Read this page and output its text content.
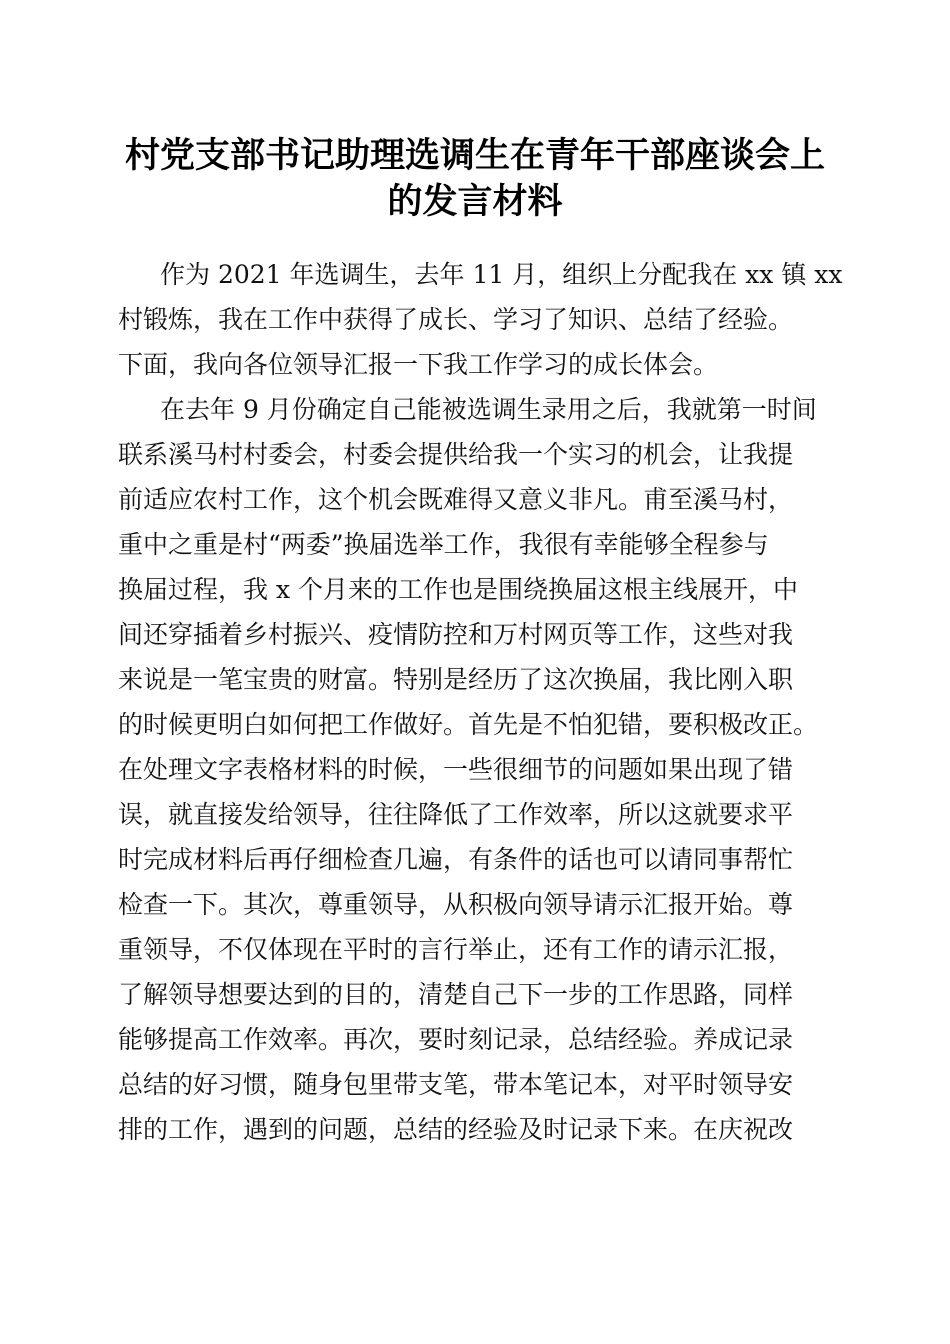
村党支部书记助理选调生在青年干部座谈会上
的发言材料

作为 2021 年选调生，去年 11 月，组织上分配我在 xx 镇 xx
村锻炼，我在工作中获得了成长、学习了知识、总结了经验。
下面，我向各位领导汇报一下我工作学习的成长体会。

在去年 9 月份确定自己能被选调生录用之后，我就第一时间
联系溪马村村委会，村委会提供给我一个实习的机会，让我提
前适应农村工作，这个机会既难得又意义非凡。甫至溪马村，
重中之重是村“两委”换届选举工作，我很有幸能够全程参与
换届过程，我 x 个月来的工作也是围绕换届这根主线展开，中
间还穿插着乡村振兴、疫情防控和万村网页等工作，这些对我
来说是一笔宝贵的财富。特别是经历了这次换届，我比刚入职
的时候更明白如何把工作做好。首先是不怕犯错，要积极改正。
在处理文字表格材料的时候，一些很细节的问题如果出现了错
误，就直接发给领导，往往降低了工作效率，所以这就要求平
时完成材料后再仔细检查几遍，有条件的话也可以请同事帮忙
检查一下。其次，尊重领导，从积极向领导请示汇报开始。尊
重领导，不仅体现在平时的言行举止，还有工作的请示汇报，
了解领导想要达到的目的，清楚自己下一步的工作思路，同样
能够提高工作效率。再次，要时刻记录，总结经验。养成记录
总结的好习惯，随身包里带支笔，带本笔记本，对平时领导安
排的工作，遇到的问题，总结的经验及时记录下来。在庆祝改
